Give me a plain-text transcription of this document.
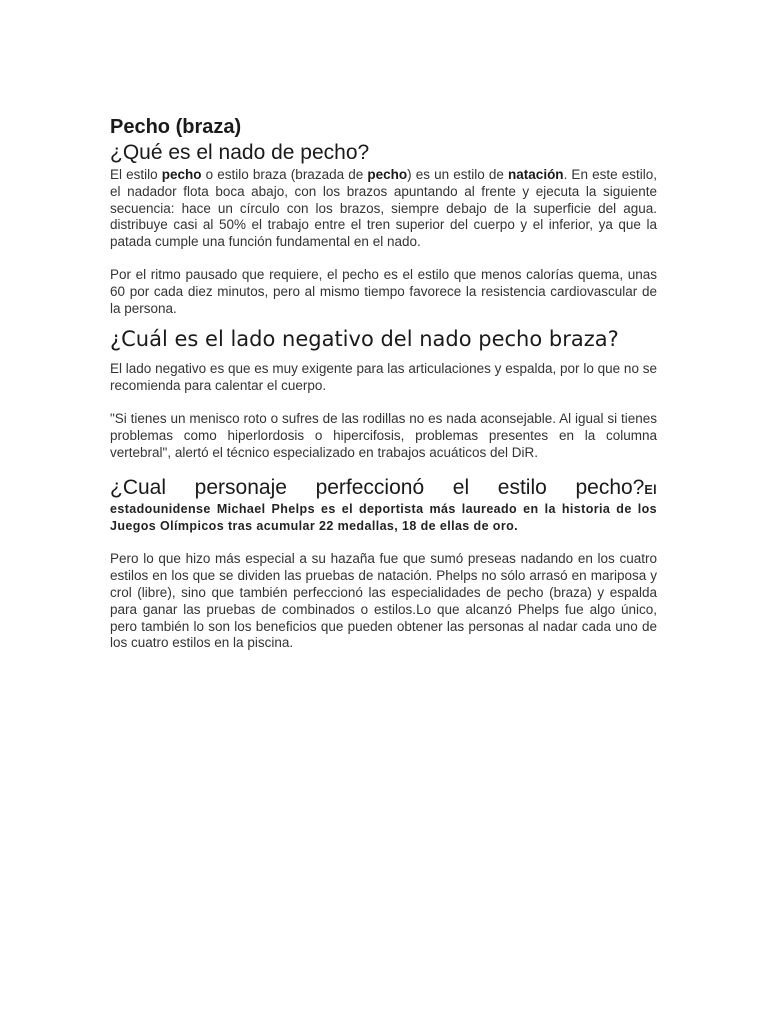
Pecho (braza)
¿Qué es el nado de pecho?

El estilo pecho o estilo braza (brazada de pecho) es un estilo de natación. En este estilo, el nadador flota boca abajo, con los brazos apuntando al frente y ejecuta la siguiente secuencia: hace un círculo con los brazos, siempre debajo de la superficie del agua. distribuye casi al 50% el trabajo entre el tren superior del cuerpo y el inferior, ya que la patada cumple una función fundamental en el nado.

Por el ritmo pausado que requiere, el pecho es el estilo que menos calorías quema, unas 60 por cada diez minutos, pero al mismo tiempo favorece la resistencia cardiovascular de la persona.

¿Cuál es el lado negativo del nado pecho braza?

El lado negativo es que es muy exigente para las articulaciones y espalda, por lo que no se recomienda para calentar el cuerpo.

"Si tienes un menisco roto o sufres de las rodillas no es nada aconsejable. Al igual si tienes problemas como hiperlordosis o hipercifosis, problemas presentes en la columna vertebral", alertó el técnico especializado en trabajos acuáticos del DiR.

¿Cual personaje perfeccionó el estilo pecho?El estadounidense Michael Phelps es el deportista más laureado en la historia de los Juegos Olímpicos tras acumular 22 medallas, 18 de ellas de oro.

Pero lo que hizo más especial a su hazaña fue que sumó preseas nadando en los cuatro estilos en los que se dividen las pruebas de natación. Phelps no sólo arrasó en mariposa y crol (libre), sino que también perfeccionó las especialidades de pecho (braza) y espalda para ganar las pruebas de combinados o estilos.Lo que alcanzó Phelps fue algo único, pero también lo son los beneficios que pueden obtener las personas al nadar cada uno de los cuatro estilos en la piscina.
